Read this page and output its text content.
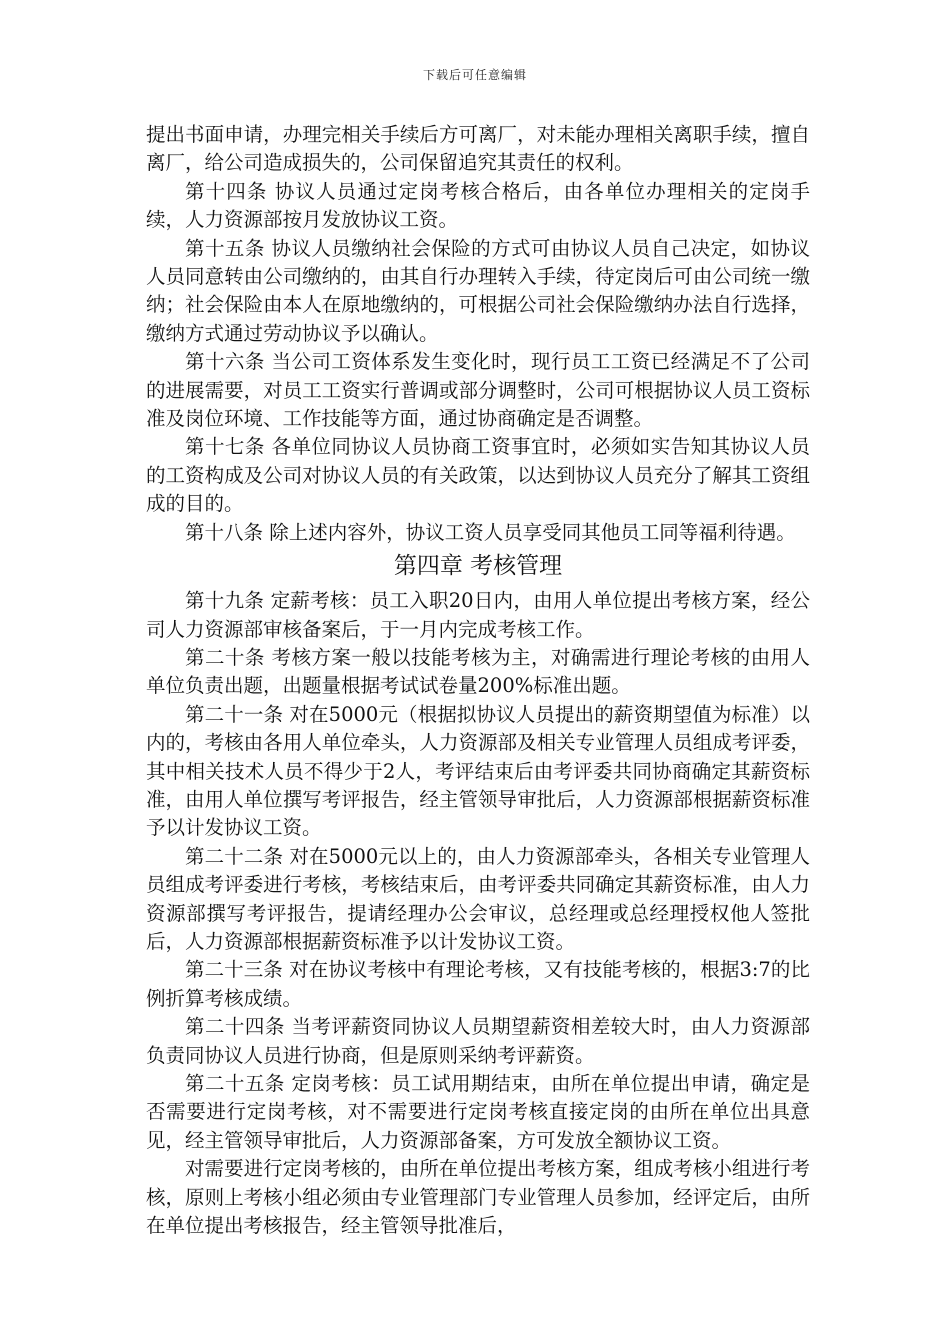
下载后可任意编辑

提出书面申请，办理完相关手续后方可离厂，对未能办理相关离职手续，擅自离厂，给公司造成损失的，公司保留追究其责任的权利。

第十四条 协议人员通过定岗考核合格后，由各单位办理相关的定岗手续，人力资源部按月发放协议工资。

第十五条 协议人员缴纳社会保险的方式可由协议人员自己决定，如协议人员同意转由公司缴纳的，由其自行办理转入手续，待定岗后可由公司统一缴纳；社会保险由本人在原地缴纳的，可根据公司社会保险缴纳办法自行选择，缴纳方式通过劳动协议予以确认。

第十六条 当公司工资体系发生变化时，现行员工工资已经满足不了公司的进展需要，对员工工资实行普调或部分调整时，公司可根据协议人员工资标准及岗位环境、工作技能等方面，通过协商确定是否调整。

第十七条 各单位同协议人员协商工资事宜时，必须如实告知其协议人员的工资构成及公司对协议人员的有关政策，以达到协议人员充分了解其工资组成的目的。

第十八条 除上述内容外，协议工资人员享受同其他员工同等福利待遇。

第四章 考核管理

第十九条 定薪考核：员工入职20日内，由用人单位提出考核方案，经公司人力资源部审核备案后，于一月内完成考核工作。

第二十条 考核方案一般以技能考核为主，对确需进行理论考核的由用人单位负责出题，出题量根据考试试卷量200%标准出题。

第二十一条 对在5000元（根据拟协议人员提出的薪资期望值为标准）以内的，考核由各用人单位牵头，人力资源部及相关专业管理人员组成考评委，其中相关技术人员不得少于2人，考评结束后由考评委共同协商确定其薪资标准，由用人单位撰写考评报告，经主管领导审批后，人力资源部根据薪资标准予以计发协议工资。

第二十二条 对在5000元以上的，由人力资源部牵头，各相关专业管理人员组成考评委进行考核，考核结束后，由考评委共同确定其薪资标准，由人力资源部撰写考评报告，提请经理办公会审议，总经理或总经理授权他人签批后，人力资源部根据薪资标准予以计发协议工资。

第二十三条 对在协议考核中有理论考核，又有技能考核的，根据3:7的比例折算考核成绩。

第二十四条 当考评薪资同协议人员期望薪资相差较大时，由人力资源部负责同协议人员进行协商，但是原则采纳考评薪资。

第二十五条 定岗考核：员工试用期结束，由所在单位提出申请，确定是否需要进行定岗考核，对不需要进行定岗考核直接定岗的由所在单位出具意见，经主管领导审批后，人力资源部备案，方可发放全额协议工资。

对需要进行定岗考核的，由所在单位提出考核方案，组成考核小组进行考核，原则上考核小组必须由专业管理部门专业管理人员参加，经评定后，由所在单位提出考核报告，经主管领导批准后，
